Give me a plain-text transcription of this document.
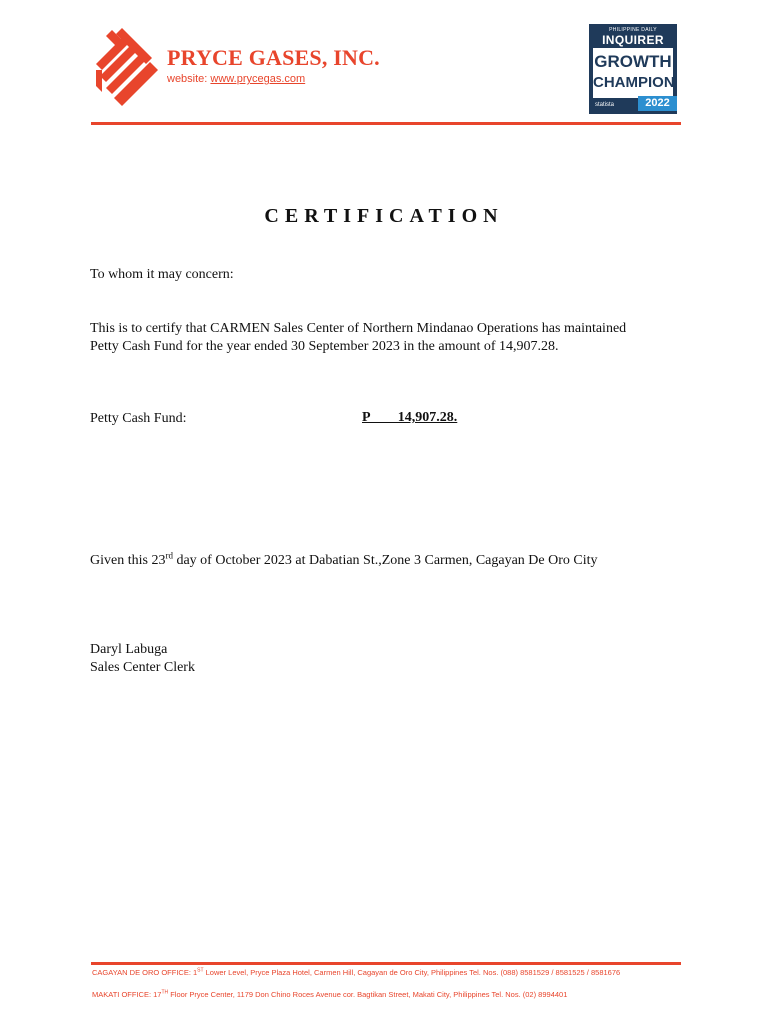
PRYCE GASES, INC.
website: www.prycegas.com
PHILIPPINE DAILY
INQUIRER
GROWTH
CHAMPION
statista	2022
CERTIFICATION
To whom it may concern:
This is to certify that CARMEN Sales Center of Northern Mindanao Operations has maintained
Petty Cash Fund for the year ended 30 September 2023 in the amount of 14,907.28.
Petty Cash Fund:	P        14,907.28.
Given this 23rd day of October 2023 at Dabatian St.,Zone 3 Carmen, Cagayan De Oro City
Daryl Labuga
Sales Center Clerk
CAGAYAN DE ORO OFFICE: 1ST Lower Level, Pryce Plaza Hotel, Carmen Hill, Cagayan de Oro City, Philippines Tel. Nos. (088) 8581529 / 8581525 / 8581676
MAKATI OFFICE: 17TH Floor Pryce Center, 1179 Don Chino Roces Avenue cor. Bagtikan Street, Makati City, Philippines Tel. Nos. (02) 8994401
